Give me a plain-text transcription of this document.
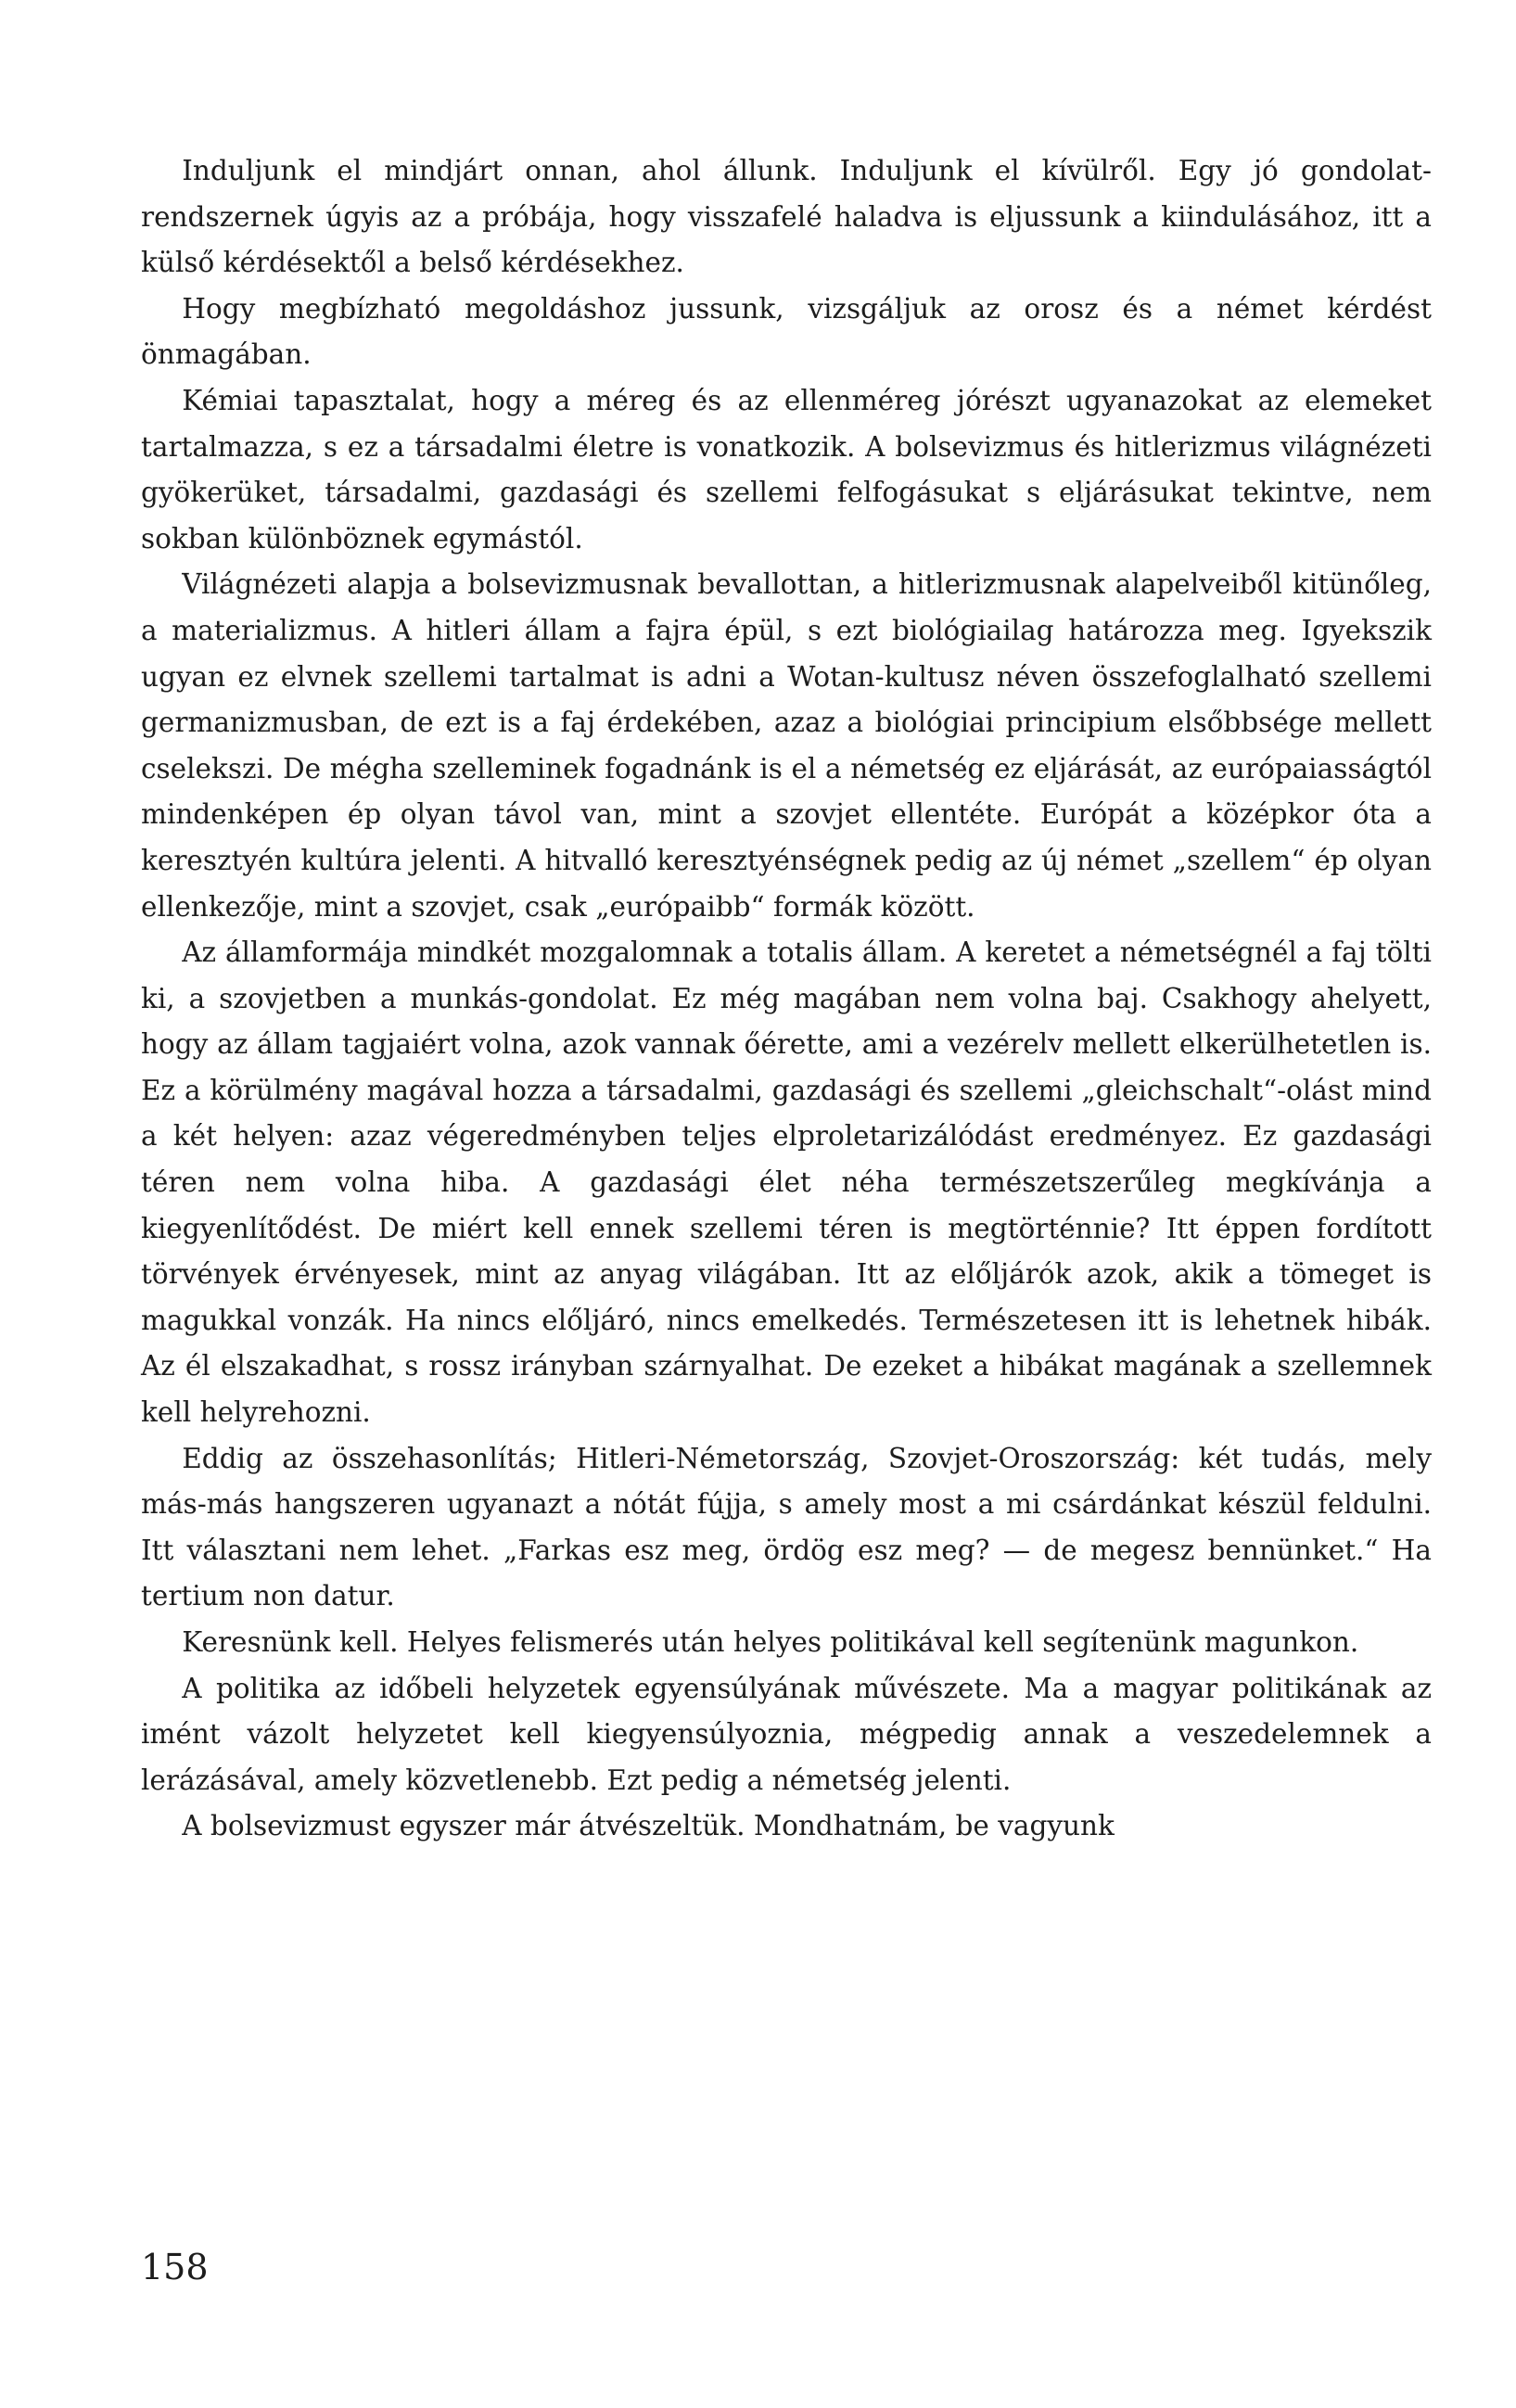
Induljunk el mindjárt onnan, ahol állunk. Induljunk el kívülről. Egy jó gondolat-rendszernek úgyis az a próbája, hogy visszafelé haladva is eljussunk a kiindulásához, itt a külső kérdésektől a belső kérdésekhez.

Hogy megbízható megoldáshoz jussunk, vizsgáljuk az orosz és a német kérdést önmagában.

Kémiai tapasztalat, hogy a méreg és az ellenméreg jórészt ugyanazokat az elemeket tartalmazza, s ez a társadalmi életre is vonatkozik. A bolsevizmus és hitlerizmus világnézeti gyökerüket, társadalmi, gazdasági és szellemi felfogásukat s eljárásukat tekintve, nem sokban különböznek egymástól.

Világnézeti alapja a bolsevizmusnak bevallottan, a hitlerizmusnak alapelveiből kitünőleg, a materializmus. A hitleri állam a fajra épül, s ezt biológiailag határozza meg. Igyekszik ugyan ez elvnek szellemi tartalmat is adni a Wotan-kultusz néven összefoglalható szellemi germanizmusban, de ezt is a faj érdekében, azaz a biológiai principium elsőbbsége mellett cselekszi. De mégha szelleminek fogadnánk is el a németség ez eljárását, az európaiasságtól mindenképen ép olyan távol van, mint a szovjet ellentéte. Európát a középkor óta a keresztyén kultúra jelenti. A hitvalló keresztyénségnek pedig az új német „szellem“ ép olyan ellenkezője, mint a szovjet, csak „európaibb“ formák között.

Az államformája mindkét mozgalomnak a totalis állam. A keretet a németségnél a faj tölti ki, a szovjetben a munkás-gondolat. Ez még magában nem volna baj. Csakhogy ahelyett, hogy az állam tagjaiért volna, azok vannak őérette, ami a vezérelv mellett elkerülhetetlen is. Ez a körülmény magával hozza a társadalmi, gazdasági és szellemi „gleichschalt“-olást mind a két helyen: azaz végeredményben teljes elproletarizálódást eredményez. Ez gazdasági téren nem volna hiba. A gazdasági élet néha természetszerűleg megkívánja a kiegyenlítődést. De miért kell ennek szellemi téren is megtörténnie? Itt éppen fordított törvények érvényesek, mint az anyag világában. Itt az előljárók azok, akik a tömeget is magukkal vonzák. Ha nincs előljáró, nincs emelkedés. Természetesen itt is lehetnek hibák. Az él elszakadhat, s rossz irányban szárnyalhat. De ezeket a hibákat magának a szellemnek kell helyrehozni.

Eddig az összehasonlítás; Hitleri-Németország, Szovjet-Oroszország: két tudás, mely más-más hangszeren ugyanazt a nótát fújja, s amely most a mi csárdánkat készül feldulni. Itt választani nem lehet. „Farkas esz meg, ördög esz meg? — de megesz bennünket.“ Ha tertium non datur.

Keresnünk kell. Helyes felismerés után helyes politikával kell segítenünk magunkon.

A politika az időbeli helyzetek egyensúlyának művészete. Ma a magyar politikának az imént vázolt helyzetet kell kiegyensúlyoznia, mégpedig annak a veszedelemnek a lerázásával, amely közvetlenebb. Ezt pedig a németség jelenti.

A bolsevizmust egyszer már átvészeltük. Mondhatnám, be vagyunk

158
